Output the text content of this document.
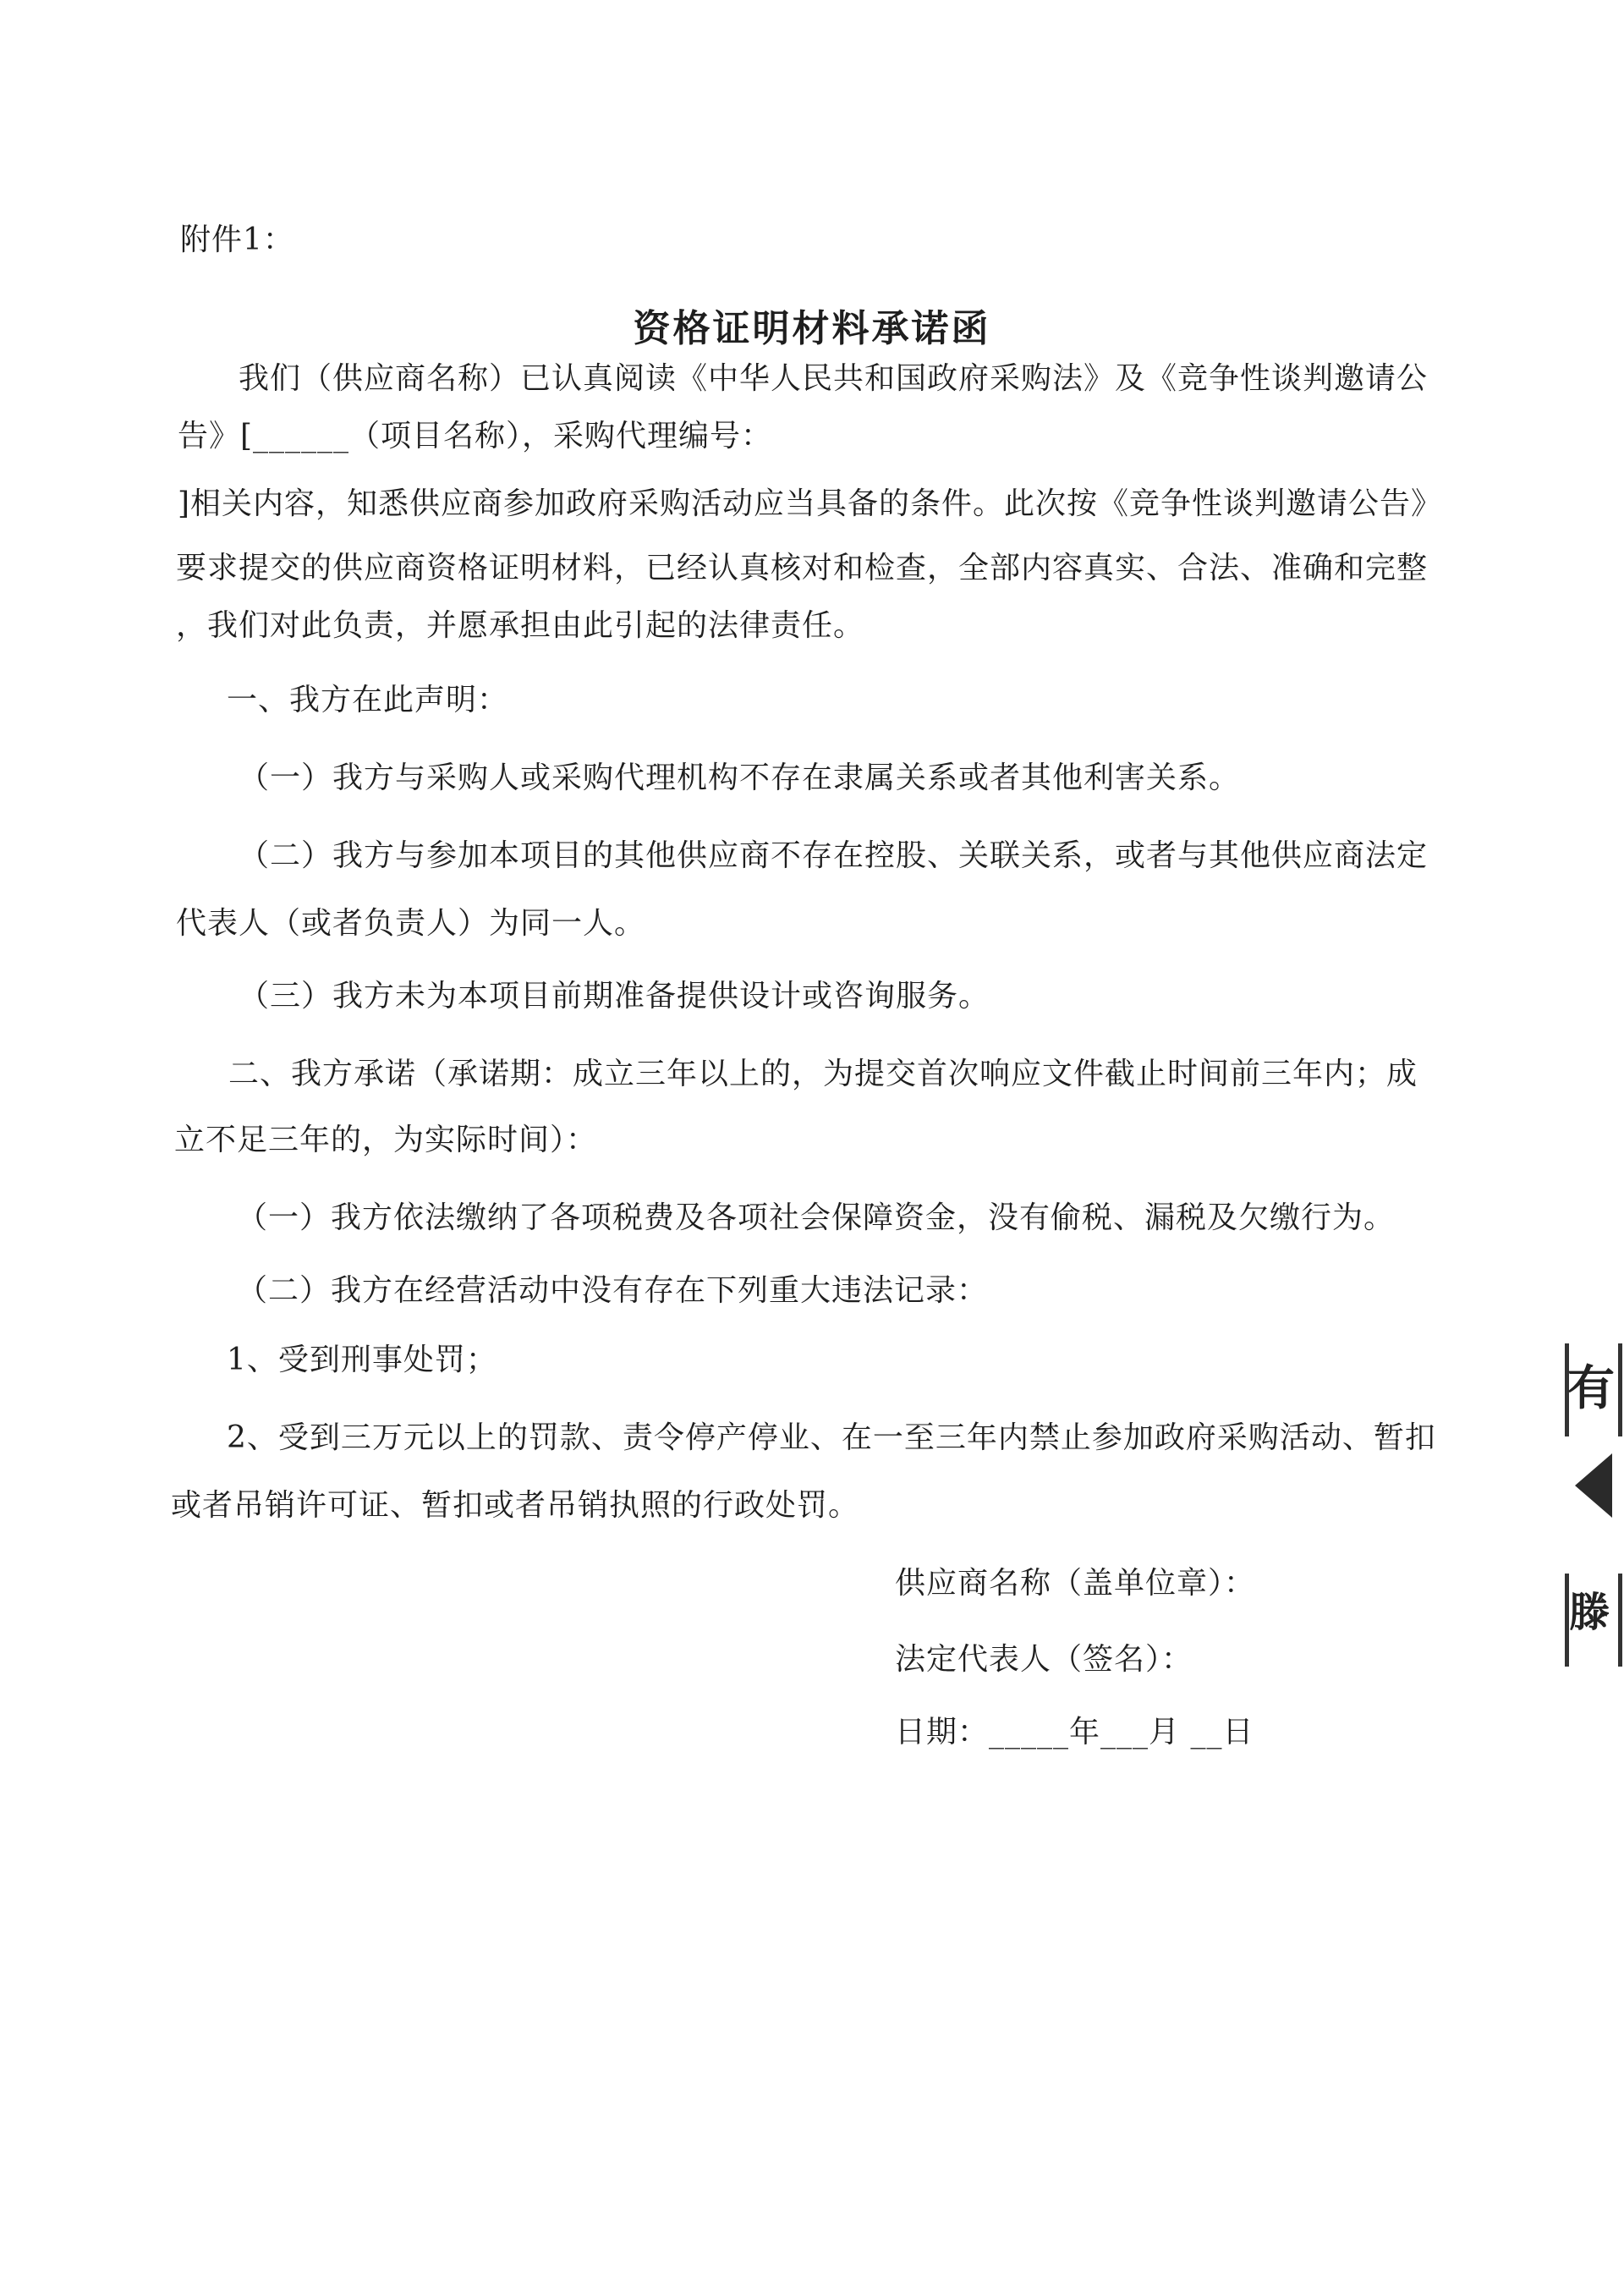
附件1：
资格证明材料承诺函
我们（供应商名称）已认真阅读《中华人民共和国政府采购法》及《竞争性谈判邀请公
告》[______（项目名称），采购代理编号：
]相关内容，知悉供应商参加政府采购活动应当具备的条件。此次按《竞争性谈判邀请公告》
要求提交的供应商资格证明材料，已经认真核对和检查，全部内容真实、合法、准确和完整
，我们对此负责，并愿承担由此引起的法律责任。
一、我方在此声明：
（一）我方与采购人或采购代理机构不存在隶属关系或者其他利害关系。
（二）我方与参加本项目的其他供应商不存在控股、关联关系，或者与其他供应商法定
代表人（或者负责人）为同一人。
（三）我方未为本项目前期准备提供设计或咨询服务。
二、我方承诺（承诺期：成立三年以上的，为提交首次响应文件截止时间前三年内；成
立不足三年的，为实际时间）：
（一）我方依法缴纳了各项税费及各项社会保障资金，没有偷税、漏税及欠缴行为。
（二）我方在经营活动中没有存在下列重大违法记录：
1、受到刑事处罚；
2、受到三万元以上的罚款、责令停产停业、在一至三年内禁止参加政府采购活动、暂扣
或者吊销许可证、暂扣或者吊销执照的行政处罚。
供应商名称（盖单位章）：
法定代表人（签名）：
日期：_____年___月 __日
有
滕
